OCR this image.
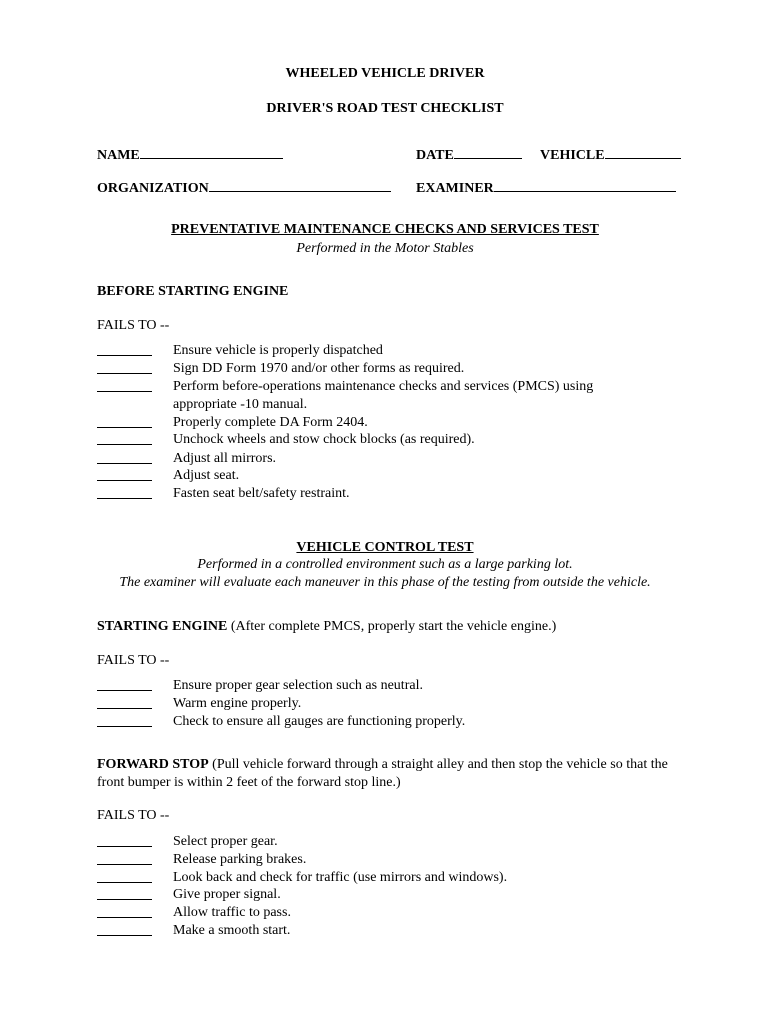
WHEELED VEHICLE DRIVER
DRIVER'S ROAD TEST CHECKLIST
NAME	DATE	VEHICLE
ORGANIZATION	EXAMINER
PREVENTATIVE MAINTENANCE CHECKS AND SERVICES TEST
Performed in the Motor Stables
BEFORE STARTING ENGINE
FAILS TO --
Ensure vehicle is properly dispatched
Sign DD Form 1970 and/or other forms as required.
Perform before-operations maintenance checks and services (PMCS) using
appropriate -10 manual.
Properly complete DA Form 2404.
Unchock wheels and stow chock blocks (as required).
Adjust all mirrors.
Adjust seat.
Fasten seat belt/safety restraint.
VEHICLE CONTROL TEST
Performed in a controlled environment such as a large parking lot.
The examiner will evaluate each maneuver in this phase of the testing from outside the vehicle.
STARTING ENGINE (After complete PMCS, properly start the vehicle engine.)
FAILS TO --
Ensure proper gear selection such as neutral.
Warm engine properly.
Check to ensure all gauges are functioning properly.
FORWARD STOP (Pull vehicle forward through a straight alley and then stop the vehicle so that the front bumper is within 2 feet of the forward stop line.)
FAILS TO --
Select proper gear.
Release parking brakes.
Look back and check for traffic (use mirrors and windows).
Give proper signal.
Allow traffic to pass.
Make a smooth start.
